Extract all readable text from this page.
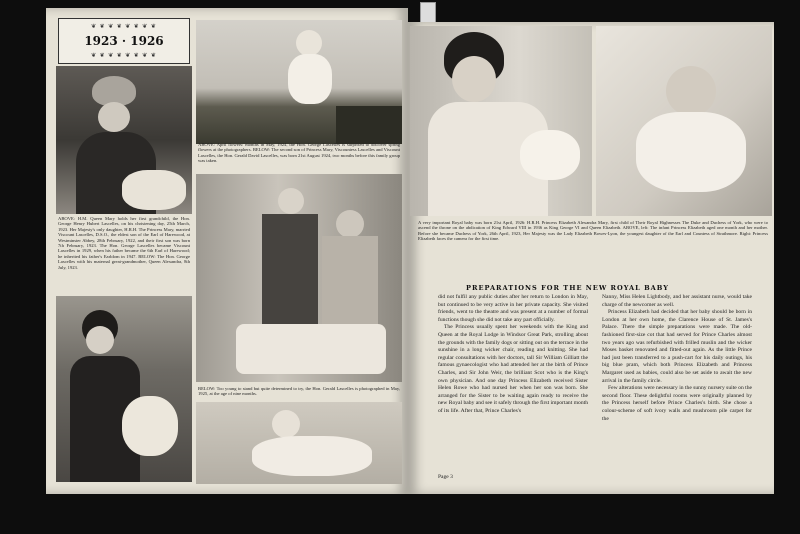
❦ ❦ ❦ ❦ ❦ ❦ ❦ ❦
1923 · 1926
❦ ❦ ❦ ❦ ❦ ❦ ❦ ❦
ABOVE: H.M. Queen Mary holds her first grandchild, the Hon. George Henry Hubert Lascelles, on his christening day, 25th March, 1923. Her Majesty's only daughter, H.R.H. The Princess Mary, married Viscount Lascelles, D.S.O., the eldest son of the Earl of Harewood, at Westminster Abbey, 28th February, 1922, and their first son was born 7th February, 1923. The Hon. George Lascelles became Viscount Lascelles in 1929, when his father became the 6th Earl of Harewood; he inherited his father's Earldom in 1947. BELOW: The Hon. George Lascelles with his maternal great-grandmother, Queen Alexandra, 8th July, 1923.
ABOVE: April flowers: months in May, 1924, the Hon. George Lascelles is surprised to discover spring flowers at the photographers. BELOW: The second son of Princess Mary, Viscountess Lascelles and Viscount Lascelles, the Hon. Gerald David Lascelles, was born 21st August 1924, two months before this family group was taken.
BELOW: Too young to stand but quite determined to try, the Hon. Gerald Lascelles is photographed in May, 1925, at the age of nine months.
A very important Royal baby was born 21st April, 1926: H.R.H. Princess Elizabeth Alexandra Mary, first child of Their Royal Highnesses The Duke and Duchess of York, who were to ascend the throne on the abdication of King Edward VIII in 1936 as King George VI and Queen Elizabeth. ABOVE, left: The infant Princess Elizabeth aged one month and her mother. Before she became Duchess of York, 26th April, 1923, Her Majesty was the Lady Elizabeth Bowes-Lyon, the youngest daughter of the Earl and Countess of Strathmore. Right: Princess Elizabeth faces the camera for the first time.
PREPARATIONS FOR THE NEW ROYAL BABY

did not fulfil any public duties after her return to London in May, but continued to be very active in her private capacity. She visited friends, went to the theatre and was present at a number of formal functions though she did not take any part officially.

The Princess usually spent her weekends with the King and Queen at the Royal Lodge in Windsor Great Park, strolling about the grounds with the family dogs or sitting out on the terrace in the sunshine in a long wicker chair, reading and knitting. She had regular consultations with her doctors, tall Sir William Gilliatt the famous gynaecologist who had attended her at the birth of Prince Charles, and Sir John Weir, the brilliant Scot who is the King's own physician. And one day Princess Elizabeth received Sister Helen Rowe who had nursed her when her son was born. She arranged for the Sister to be waiting again ready to receive the new Royal baby and see it safely through the first important month of its life. After that, Prince Charles's

Nanny, Miss Helen Lightbody, and her assistant nurse, would take charge of the newcomer as well.

Princess Elizabeth had decided that her baby should be born in London at her own home, the Clarence House of St. James's Palace. There the simple preparations were made. The old-fashioned first-size cot that had served for Prince Charles almost two years ago was refurbished with frilled muslin and the wicker Moses basket renovated and fitted-out again. As the little Prince had just been transferred to a push-cart for his daily outings, his big blue pram, which both Princess Elizabeth and Princess Margaret used as babies, could also be set aside to await the new arrival in the family circle.

Few alterations were necessary in the sunny nursery suite on the second floor. These delightful rooms were originally planned by the Princess herself before Prince Charles's birth. She chose a colour-scheme of soft ivory walls and mushroom pile carpet for the

Page 3
